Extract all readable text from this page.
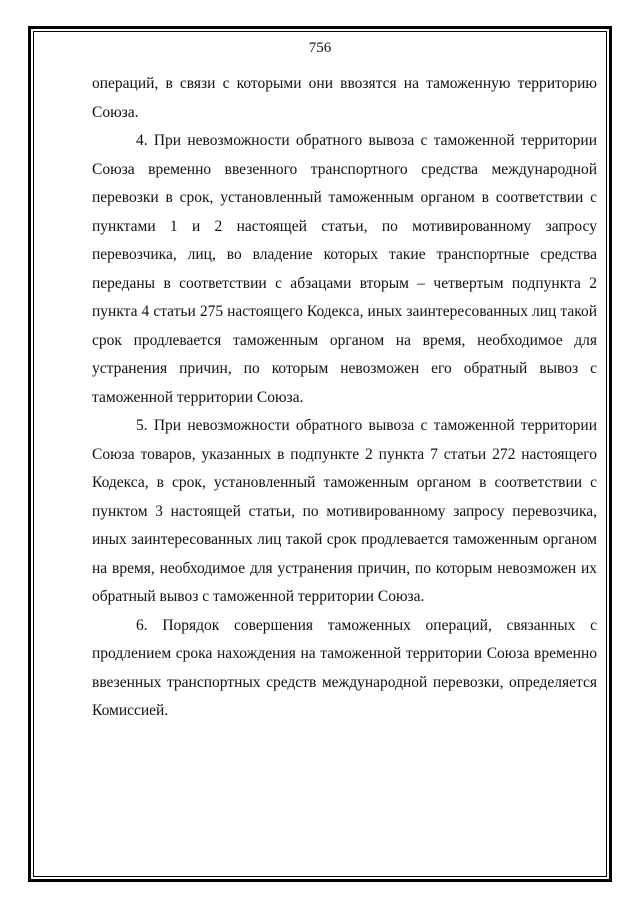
756

операций, в связи с которыми они ввозятся на таможенную территорию Союза.

4. При невозможности обратного вывоза с таможенной территории Союза временно ввезенного транспортного средства международной перевозки в срок, установленный таможенным органом в соответствии с пунктами 1 и 2 настоящей статьи, по мотивированному запросу перевозчика, лиц, во владение которых такие транспортные средства переданы в соответствии с абзацами вторым – четвертым подпункта 2 пункта 4 статьи 275 настоящего Кодекса, иных заинтересованных лиц такой срок продлевается таможенным органом на время, необходимое для устранения причин, по которым невозможен его обратный вывоз с таможенной территории Союза.

5. При невозможности обратного вывоза с таможенной территории Союза товаров, указанных в подпункте 2 пункта 7 статьи 272 настоящего Кодекса, в срок, установленный таможенным органом в соответствии с пунктом 3 настоящей статьи, по мотивированному запросу перевозчика, иных заинтересованных лиц такой срок продлевается таможенным органом на время, необходимое для устранения причин, по которым невозможен их обратный вывоз с таможенной территории Союза.

6. Порядок совершения таможенных операций, связанных с продлением срока нахождения на таможенной территории Союза временно ввезенных транспортных средств международной перевозки, определяется Комиссией.
